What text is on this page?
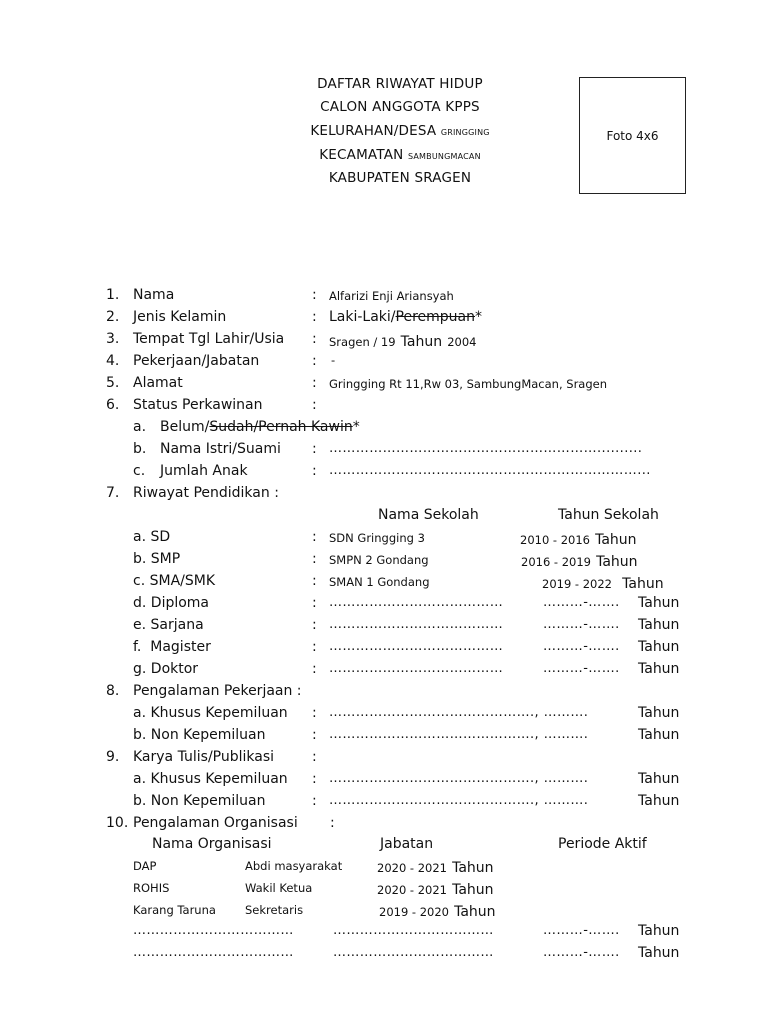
DAFTAR RIWAYAT HIDUP
CALON ANGGOTA KPPS
KELURAHAN/DESA gringging
KECAMATAN sambungmacan
KABUPATEN SRAGEN
Foto 4x6
1. Nama	: Alfarizi Enji Ariansyah
2. Jenis Kelamin	: Laki-Laki/Perempuan*
3. Tempat Tgl Lahir/Usia : Sragen / 19 Tahun 2004
4. Pekerjaan/Jabatan	: -
5. Alamat	: Gringging Rt 11,Rw 03, SambungMacan, Sragen
6. Status Perkawinan	:
a. Belum/Sudah/Pernah Kawin*
b. Nama Istri/Suami : ……………………………………………………..........
c. Jumlah Anak	: ……………………………………………………………...
7. Riwayat Pendidikan :
Nama Sekolah	Tahun Sekolah
a. SD	: SDN Gringging 3	2010 - 2016 Tahun
b. SMP	: SMPN 2 Gondang	2016 - 2019 Tahun
c. SMA/SMK	: SMAN 1 Gondang	2019 - 2022 Tahun
d. Diploma	: …………………………………	………-……. Tahun
e. Sarjana	: …………………………………	………-……. Tahun
f.  Magister	: …………………………………	………-……. Tahun
g. Doktor	: …………………………………	………-……. Tahun
8. Pengalaman Pekerjaan :
a. Khusus Kepemiluan : ………………………………………., ……….	Tahun
b. Non Kepemiluan	: ………………………………………., ……….	Tahun
9. Karya Tulis/Publikasi	:
a. Khusus Kepemiluan : ………………………………………., ……….	Tahun
b. Non Kepemiluan	: ………………………………………., ……….	Tahun
10. Pengalaman Organisasi :
Nama Organisasi	Jabatan	Periode Aktif
DAP	Abdi masyarakat	2020 - 2021 Tahun
ROHIS	Wakil Ketua	2020 - 2021 Tahun
Karang Taruna	Sekretaris	2019 - 2020 Tahun
………………………………	………………………………	………-……. Tahun
………………………………	………………………………	………-……. Tahun
